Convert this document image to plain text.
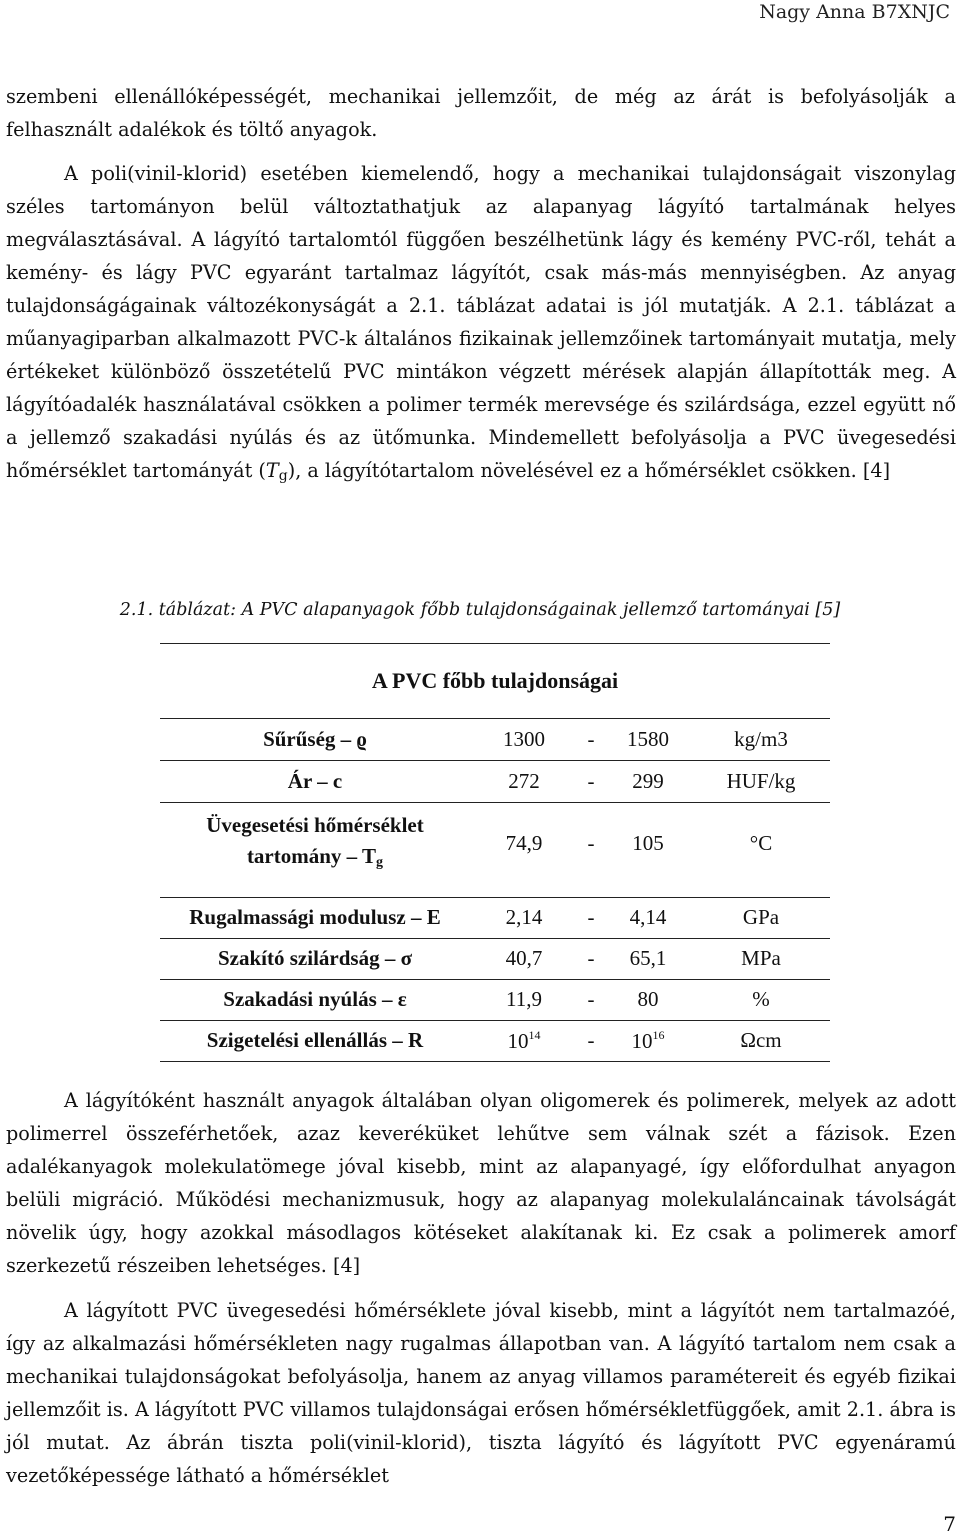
Nagy Anna B7XNJC

szembeni ellenállóképességét, mechanikai jellemzőit, de még az árát is befolyásolják a felhasznált adalékok és töltő anyagok.

A poli(vinil-klorid) esetében kiemelendő, hogy a mechanikai tulajdonságait viszonylag széles tartományon belül változtathatjuk az alapanyag lágyító tartalmának helyes megválasztásával. A lágyító tartalomtól függően beszélhetünk lágy és kemény PVC-ről, tehát a kemény- és lágy PVC egyaránt tartalmaz lágyítót, csak más-más mennyiségben. Az anyag tulajdonságágainak változékonyságát a 2.1. táblázat adatai is jól mutatják. A 2.1. táblázat a műanyagiparban alkalmazott PVC-k általános fizikainak jellemzőinek tartományait mutatja, mely értékeket különböző összetételű PVC mintákon végzett mérések alapján állapították meg. A lágyítóadalék használatával csökken a polimer termék merevsége és szilárdsága, ezzel együtt nő a jellemző szakadási nyúlás és az ütőmunka. Mindemellett befolyásolja a PVC üvegesedési hőmérséklet tartományát $(T_g)$, a lágyítótartalom növelésével ez a hőmérséklet csökken. [4]

2.1. táblázat: A PVC alapanyagok főbb tulajdonságainak jellemző tartományai [5]
A PVC főbb tulajdonságai				
Sűrűség – ϱ	1300	-	1580	kg/m3
Ár – c	272	-	299	HUF/kg
Üvegesetési hőmérséklet
tartomány – $T_g$	74,9	-	105	°C

Rugalmassági modulusz – E	2,14	-	4,14	GPa
Szakító szilárdság – σ	40,7	-	65,1	MPa
Szakadási nyúlás – ε	11,9	-	80	%
Szigetelési ellenállás – R	$10^{14}$	-	$10^{16}$	Ωcm

A lágyítóként használt anyagok általában olyan oligomerek és polimerek, melyek az adott polimerrel összeférhetőek, azaz keveréküket lehűtve sem válnak szét a fázisok. Ezen adalékanyagok molekulatömege jóval kisebb, mint az alapanyagé, így előfordulhat anyagon belüli migráció. Működési mechanizmusuk, hogy az alapanyag molekulaláncainak távolságát növelik úgy, hogy azokkal másodlagos kötéseket alakítanak ki. Ez csak a polimerek amorf szerkezetű részeiben lehetséges. [4]

A lágyított PVC üvegesedési hőmérséklete jóval kisebb, mint a lágyítót nem tartalmazóé, így az alkalmazási hőmérsékleten nagy rugalmas állapotban van. A lágyító tartalom nem csak a mechanikai tulajdonságokat befolyásolja, hanem az anyag villamos paramétereit és egyéb fizikai jellemzőit is. A lágyított PVC villamos tulajdonságai erősen hőmérsékletfüggőek, amit 2.1. ábra is jól mutat. Az ábrán tiszta poli(vinil-klorid), tiszta lágyító és lágyított PVC egyenáramú vezetőképessége látható a hőmérséklet

7
